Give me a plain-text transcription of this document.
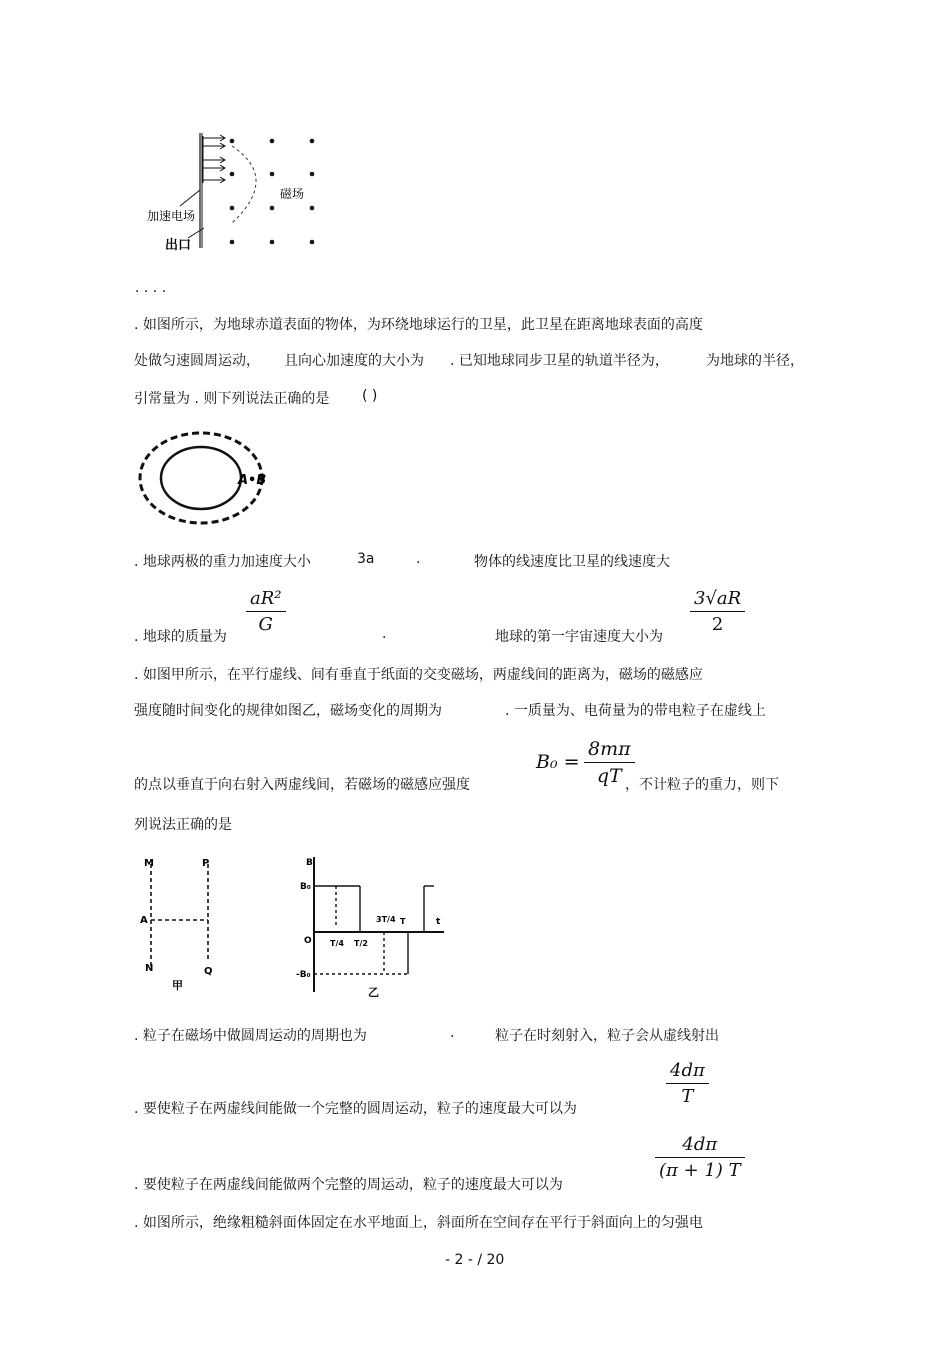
加速电场
磁场
出口
. . . .
. 如图所示，为地球赤道表面的物体，为环绕地球运行的卫星，此卫星在距离地球表面的高度
处做匀速圆周运动， 且向心加速度的大小为 . 已知地球同步卫星的轨道半径为，	为地球的半径，
引常量为 . 则下列说法正确的是 ( )
A•B
. 地球两极的重力加速度大小	3a	.	物体的线速度比卫星的线速度大
. 地球的质量为
aR²
G	.	地球的第一宇宙速度大小为
3√aR
2
. 如图甲所示，在平行虚线、间有垂直于纸面的交变磁场，两虚线间的距离为，磁场的磁感应
强度随时间变化的规律如图乙，磁场变化的周期为	. 一质量为、电荷量为的带电粒子在虚线上
的点以垂直于向右射入两虚线间，若磁场的磁感应强度
B₀ =
8mπ
qT ，不计粒子的重力，则下
列说法正确的是
M	P
A
N	Q
甲
B
B₀
O
-B₀
t
T/4 T/2
3T/4 T
乙
. 粒子在磁场中做圆周运动的周期也为	.	粒子在时刻射入，粒子会从虚线射出
. 要使粒子在两虚线间能做一个完整的圆周运动，粒子的速度最大可以为
4dπ
T
. 要使粒子在两虚线间能做两个完整的周运动，粒子的速度最大可以为
4dπ
(π + 1) T
. 如图所示，绝缘粗糙斜面体固定在水平地面上，斜面所在空间存在平行于斜面向上的匀强电
- 2 - / 20
